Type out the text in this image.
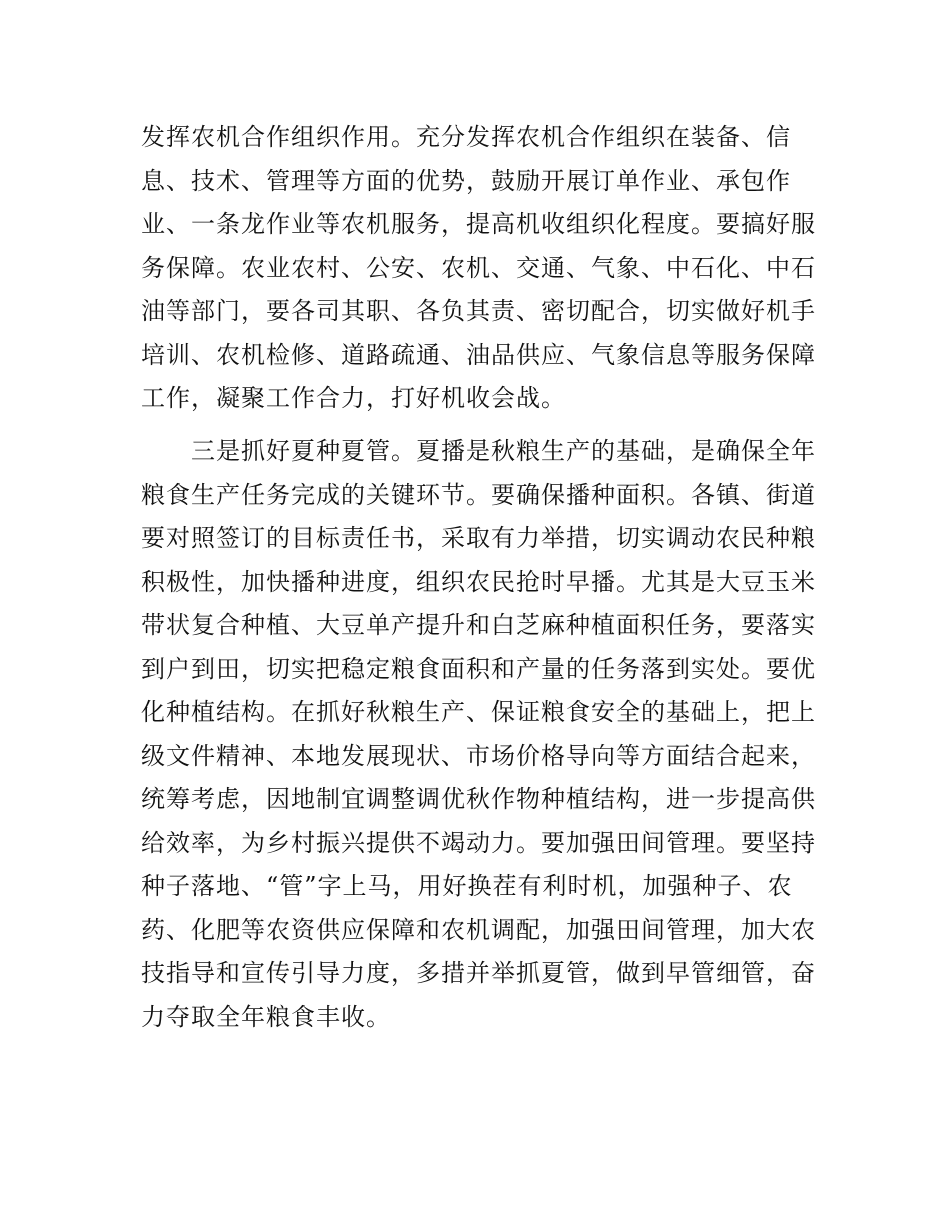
发挥农机合作组织作用。充分发挥农机合作组织在装备、信
息、技术、管理等方面的优势，鼓励开展订单作业、承包作
业、一条龙作业等农机服务，提高机收组织化程度。要搞好服
务保障。农业农村、公安、农机、交通、气象、中石化、中石
油等部门，要各司其职、各负其责、密切配合，切实做好机手
培训、农机检修、道路疏通、油品供应、气象信息等服务保障
工作，凝聚工作合力，打好机收会战。
　　三是抓好夏种夏管。夏播是秋粮生产的基础，是确保全年
粮食生产任务完成的关键环节。要确保播种面积。各镇、街道
要对照签订的目标责任书，采取有力举措，切实调动农民种粮
积极性，加快播种进度，组织农民抢时早播。尤其是大豆玉米
带状复合种植、大豆单产提升和白芝麻种植面积任务，要落实
到户到田，切实把稳定粮食面积和产量的任务落到实处。要优
化种植结构。在抓好秋粮生产、保证粮食安全的基础上，把上
级文件精神、本地发展现状、市场价格导向等方面结合起来，
统筹考虑，因地制宜调整调优秋作物种植结构，进一步提高供
给效率，为乡村振兴提供不竭动力。要加强田间管理。要坚持
种子落地、“管”字上马，用好换茬有利时机，加强种子、农
药、化肥等农资供应保障和农机调配，加强田间管理，加大农
技指导和宣传引导力度，多措并举抓夏管，做到早管细管，奋
力夺取全年粮食丰收。
